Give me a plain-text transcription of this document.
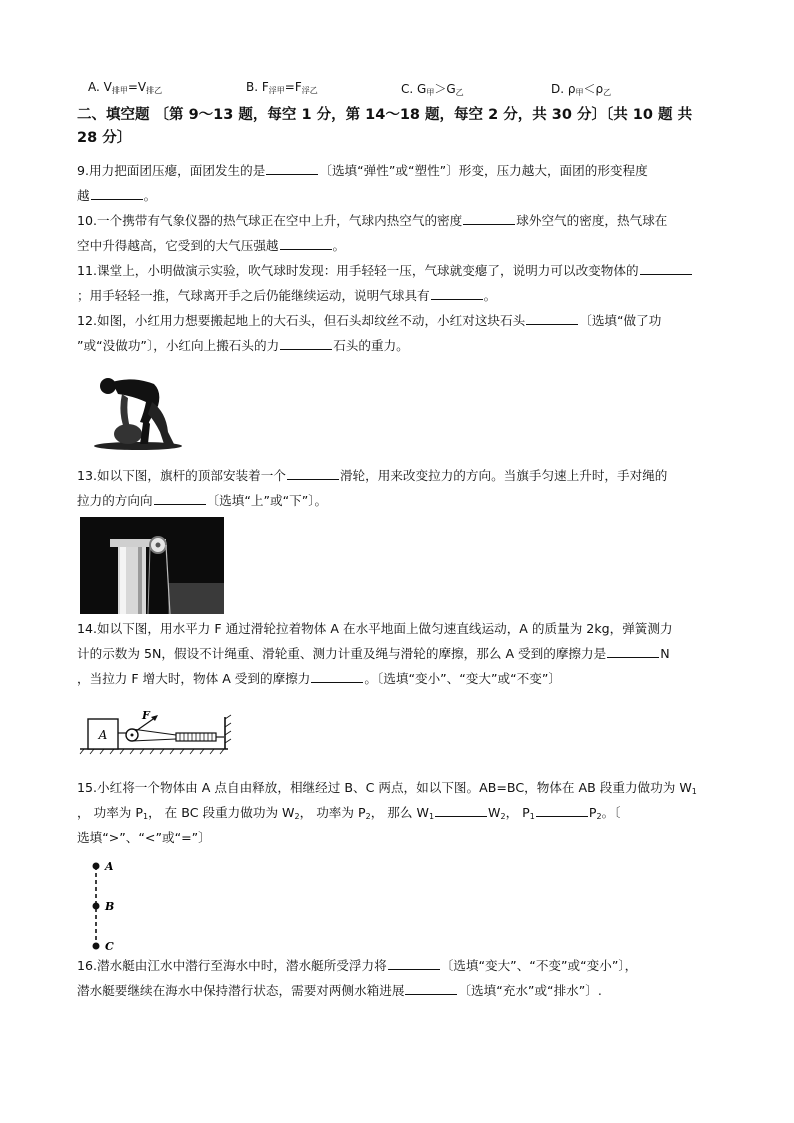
A. $V_{排甲}=V_{排乙}$	B. $F_{浮甲}=F_{浮乙}$	C. $G_甲>G_乙$	D. $\rho_甲<\rho_乙$
二、填空题 〔第 9～13 题，每空 1 分，第 14～18 题，每空 2 分，共 30 分〕〔共 10 题 共
28 分〕
9.用力把面团压瘪，面团发生的是	〔选填“弹性”或“塑性”〕形变，压力越大，面团的形变程度
越	。
10.一个携带有气象仪器的热气球正在空中上升，气球内热空气的密度	球外空气的密度，热气球在
空中升得越高，它受到的大气压强越	。
11.课堂上，小明做演示实验，吹气球时发现：用手轻轻一压，气球就变瘪了，说明力可以改变物体的
；用手轻轻一推，气球离开手之后仍能继续运动，说明气球具有	。
12.如图，小红用力想要搬起地上的大石头，但石头却纹丝不动，小红对这块石头	〔选填“做了功
”或“没做功”〕，小红向上搬石头的力	石头的重力。
13.如以下图，旗杆的顶部安装着一个	滑轮，用来改变拉力的方向。当旗手匀速上升时，手对绳的
拉力的方向向	〔选填“上”或“下”〕。
14.如以下图，用水平力 F 通过滑轮拉着物体 A 在水平地面上做匀速直线运动，A 的质量为 2kg，弹簧测力
计的示数为 5N，假设不计绳重、滑轮重、测力计重及绳与滑轮的摩擦，那么 A 受到的摩擦力是	N
，当拉力 F 增大时，物体 A 受到的摩擦力	。〔选填“变小”、“变大”或“不变”〕
A
F
15.小红将一个物体由 A 点自由释放，相继经过 B、C 两点，如以下图。AB=BC，物体在 AB 段重力做功为 $W_1$
， 功率为 $P_1$， 在 BC 段重力做功为 $W_2$， 功率为 $P_2$， 那么 $W_1$	$W_2$， $P_1$	$P_2$。〔
选填“>”、“<”或“=”〕
A
B
C
16.潜水艇由江水中潜行至海水中时，潜水艇所受浮力将	〔选填“变大”、“不变”或“变小”〕，
潜水艇要继续在海水中保持潜行状态，需要对两侧水箱进展	〔选填“充水”或“排水”〕.
